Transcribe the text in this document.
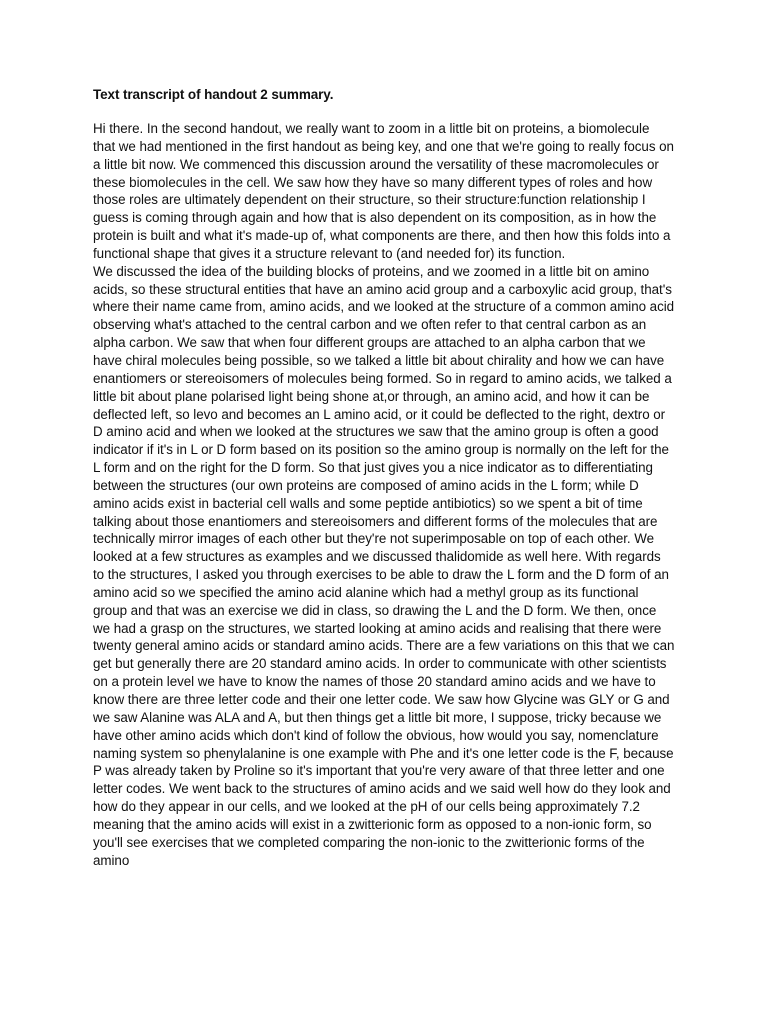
Text transcript of handout 2 summary.

Hi there. In the second handout, we really want to zoom in a little bit on proteins, a biomolecule that we had mentioned in the first handout as being key, and one that we're going to really focus on a little bit now. We commenced this discussion around the versatility of these macromolecules or these biomolecules in the cell. We saw how they have so many different types of roles and how those roles are ultimately dependent on their structure, so their structure:function relationship I guess is coming through again and how that is also dependent on its composition, as in how the protein is built and what it's made-up of, what components are there, and then how this folds into a functional shape that gives it a structure relevant to (and needed for) its function.

We discussed the idea of the building blocks of proteins, and we zoomed in a little bit on amino acids, so these structural entities that have an amino acid group and a carboxylic acid group, that's where their name came from, amino acids, and we looked at the structure of a common amino acid observing what's attached to the central carbon and we often refer to that central carbon as an alpha carbon. We saw that when four different groups are attached to an alpha carbon that we have chiral molecules being possible, so we talked a little bit about chirality and how we can have enantiomers or stereoisomers of molecules being formed. So in regard to amino acids, we talked a little bit about plane polarised light being shone at,or through, an amino acid, and how it can be deflected left, so levo and becomes an L amino acid, or it could be deflected to the right, dextro or D amino acid and when we looked at the structures we saw that the amino group is often a good indicator if it's in L or D form based on its position so the amino group is normally on the left for the L form and on the right for the D form. So that just gives you a nice indicator as to differentiating between the structures (our own proteins are composed of amino acids in the L form; while D amino acids exist in bacterial cell walls and some peptide antibiotics) so we spent a bit of time talking about those enantiomers and stereoisomers and different forms of the molecules that are technically mirror images of each other but they're not superimposable on top of each other. We looked at a few structures as examples and we discussed thalidomide as well here. With regards to the structures, I asked you through exercises to be able to draw the L form and the D form of an amino acid so we specified the amino acid alanine which had a methyl group as its functional group and that was an exercise we did in class, so drawing the L and the D form. We then, once we had a grasp on the structures, we started looking at amino acids and realising that there were twenty general amino acids or standard amino acids. There are a few variations on this that we can get but generally there are 20 standard amino acids. In order to communicate with other scientists on a protein level we have to know the names of those 20 standard amino acids and we have to know there are three letter code and their one letter code. We saw how Glycine was GLY or G and we saw Alanine was ALA and A, but then things get a little bit more, I suppose, tricky because we have other amino acids which don't kind of follow the obvious, how would you say, nomenclature naming system so phenylalanine is one example with Phe and it's one letter code is the F, because P was already taken by Proline so it's important that you're very aware of that three letter and one letter codes. We went back to the structures of amino acids and we said well how do they look and how do they appear in our cells, and we looked at the pH of our cells being approximately 7.2 meaning that the amino acids will exist in a zwitterionic form as opposed to a non-ionic form, so you'll see exercises that we completed comparing the non-ionic to the zwitterionic forms of the amino
